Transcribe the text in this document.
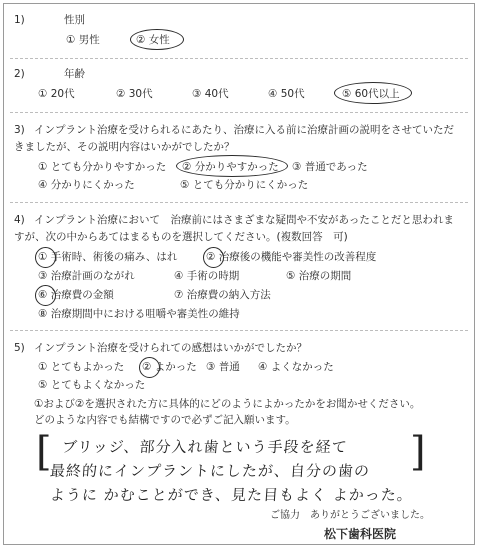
1)	性別
① 男性	② 女性
2)	年齢
① 20代	② 30代	③ 40代	④ 50代	⑤ 60代以上
3) インプラント治療を受けられるにあたり、治療に入る前に治療計画の説明をさせていただ
きましたが、その説明内容はいかがでしたか？
① とても分かりやすかった ② 分かりやすかった ③ 普通であった
④ 分かりにくかった	⑤ とても分かりにくかった
4) インプラント治療において　治療前にはさまざまな疑問や不安があったことだと思われま
すが、次の中からあてはまるものを選択してください。(複数回答　可)
① 手術時、術後の痛み、はれ	② 治療後の機能や審美性の改善程度
③ 治療計画のながれ	④ 手術の時期	⑤ 治療の期間
⑥ 治療費の金額	⑦ 治療費の納入方法
⑧ 治療期間中における咀嚼や審美性の維持
5) インプラント治療を受けられての感想はいかがでしたか？
① とてもよかった ② よかった ③ 普通 ④ よくなかった
⑤ とてもよくなかった
①および②を選択された方に具体的にどのようによかったかをお聞かせください。
どのような内容でも結構ですので必ずご記入願います。
[	]
ブリッジ、部分入れ歯という手段を経て
最終的にインプラントにしたが、自分の歯の
ように かむことができ、見た目もよく よかった。
ご協力　ありがとうございました。
松下歯科医院
